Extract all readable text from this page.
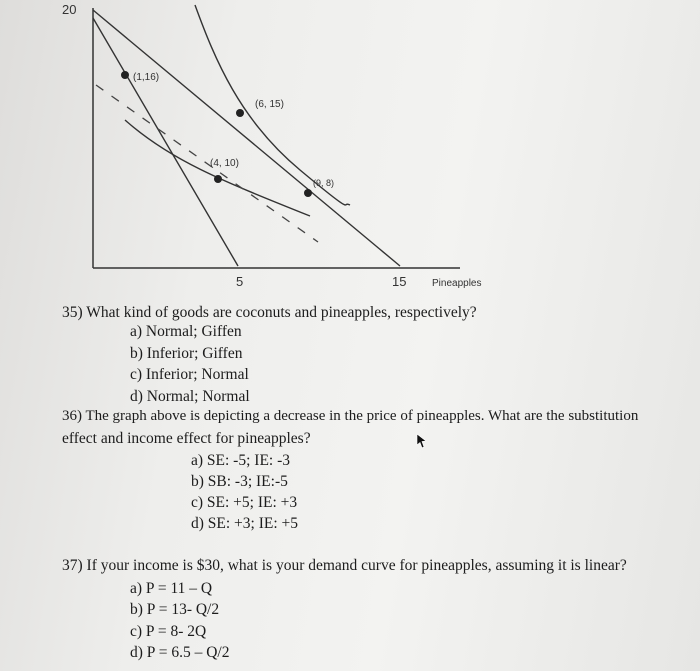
20
(1,16)
(6, 15)
(4, 10)
(9, 8)
5	15	Pineapples
35) What kind of goods are coconuts and pineapples, respectively?
a) Normal; Giffen
b) Inferior; Giffen
c) Inferior; Normal
d) Normal; Normal
36) The graph above is depicting a decrease in the price of pineapples. What are the substitution
effect and income effect for pineapples?
a) SE: -5; IE: -3
b) SB: -3; IE:-5
c) SE: +5; IE: +3
d) SE: +3; IE: +5
37) If your income is $30, what is your demand curve for pineapples, assuming it is linear?
a) P = 11 – Q
b) P = 13- Q/2
c) P = 8- 2Q
d) P = 6.5 – Q/2
